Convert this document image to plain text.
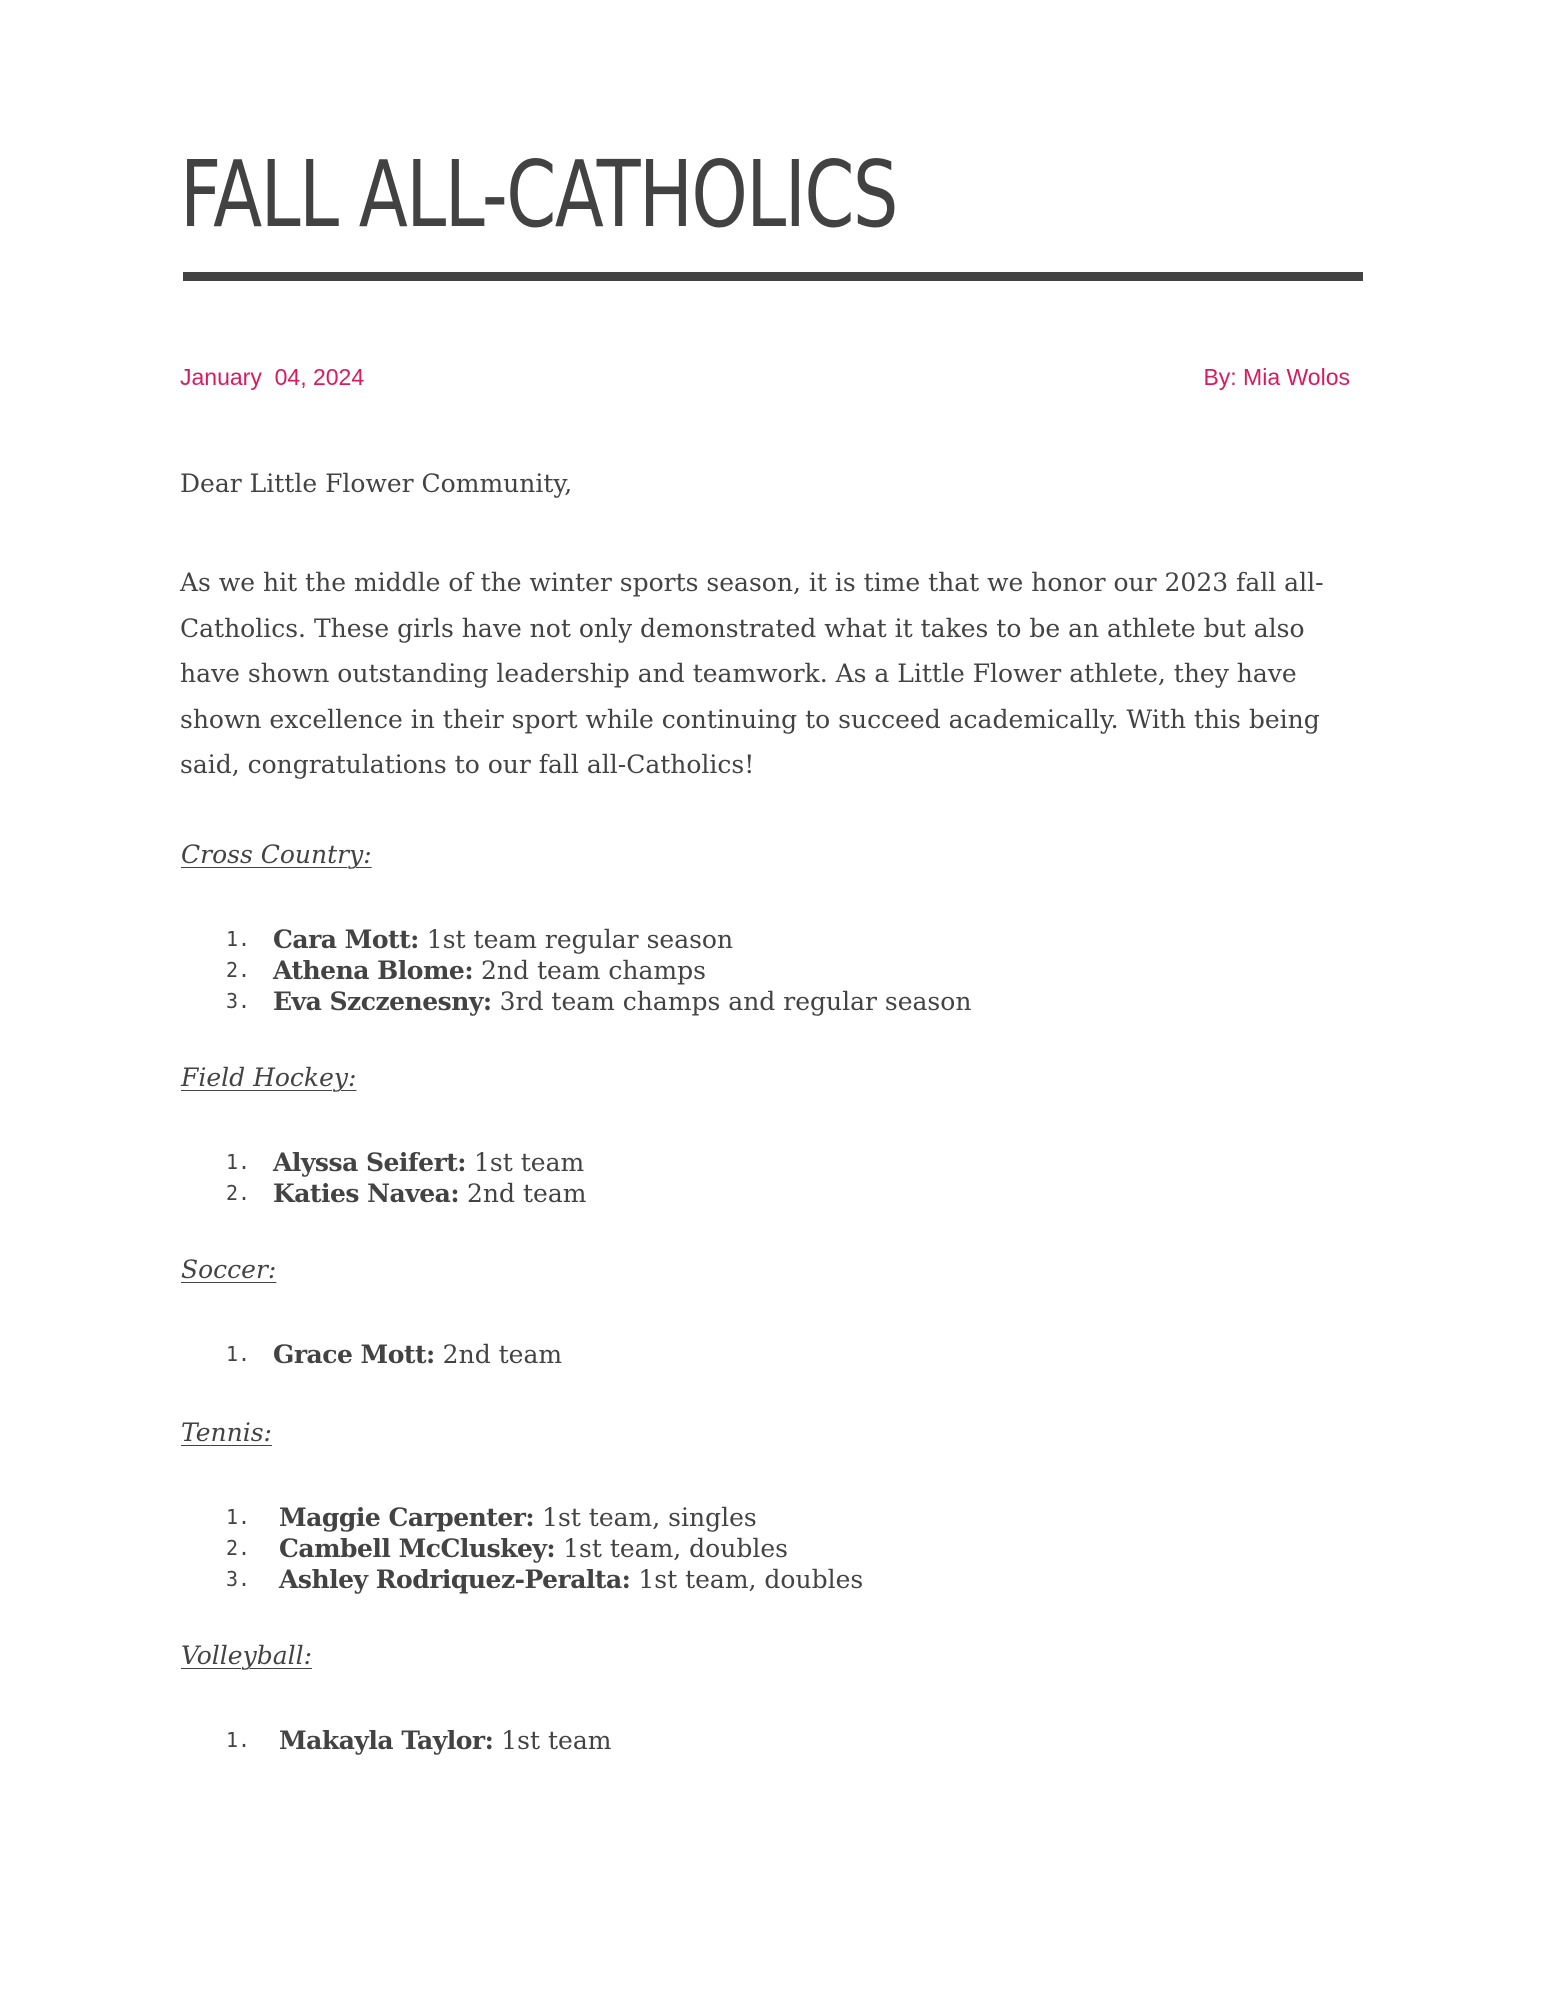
FALL ALL-CATHOLICS
January  04, 2024	By: Mia Wolos

Dear Little Flower Community,

As we hit the middle of the winter sports season, it is time that we honor our 2023 fall all-Catholics. These girls have not only demonstrated what it takes to be an athlete but also have shown outstanding leadership and teamwork. As a Little Flower athlete, they have shown excellence in their sport while continuing to succeed academically. With this being said, congratulations to our fall all-Catholics!

Cross Country:
1. Cara Mott: 1st team regular season
2. Athena Blome: 2nd team champs
3. Eva Szczenesny: 3rd team champs and regular season
Field Hockey:
1. Alyssa Seifert: 1st team
2. Katies Navea: 2nd team
Soccer:
1. Grace Mott: 2nd team
Tennis:
1. Maggie Carpenter: 1st team, singles
2. Cambell McCluskey: 1st team, doubles
3. Ashley Rodriquez-Peralta: 1st team, doubles
Volleyball:
1. Makayla Taylor: 1st team
